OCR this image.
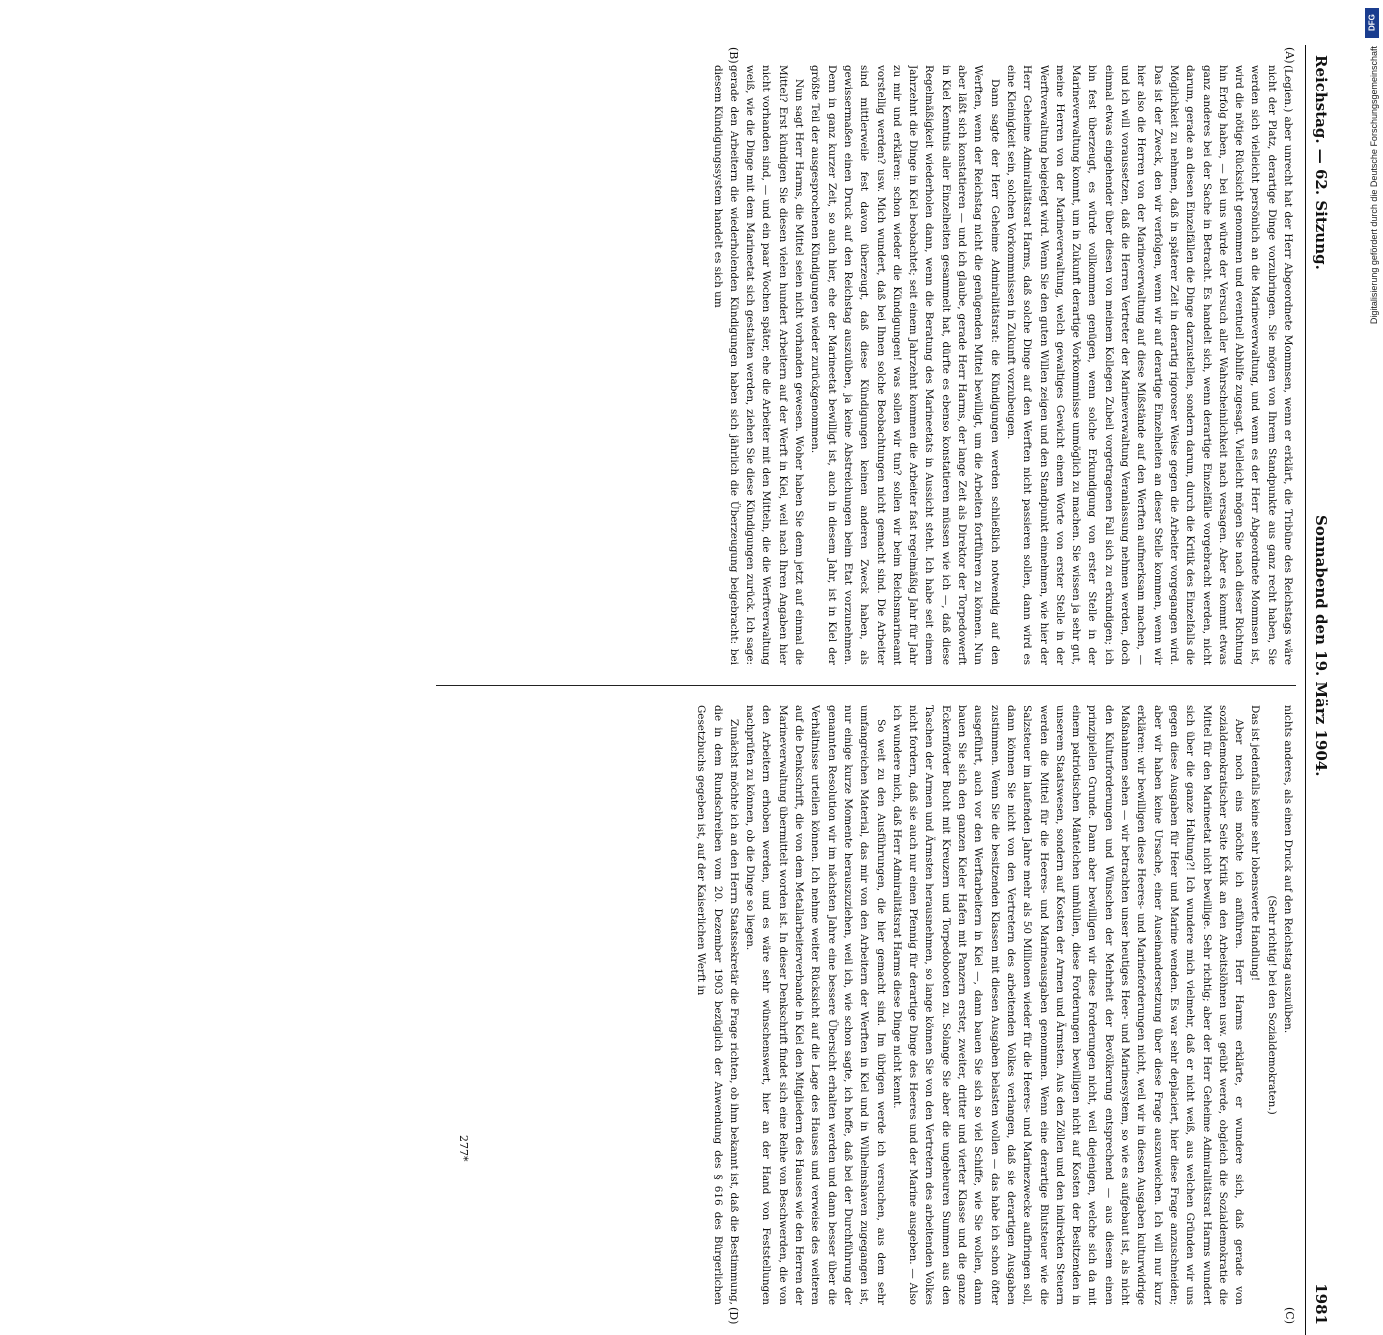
Reichstag. — 62. Sitzung.
Sonnabend den 19. März 1904.
1981

(Legien.) aber unrecht hat der Herr Abgeordnete Mommsen, wenn er erklärt, die Tribüne des Reichstags wäre nicht der Platz, derartige Dinge vorzubringen. Sie mögen von Ihrem Standpunkte aus ganz recht haben, Sie werden sich vielleicht persönlich an die Marineverwaltung, und wenn es der Herr Abgeordnete Mommsen ist, wird die nötige Rücksicht genommen und eventuell Abhilfe zugesagt. Vielleicht mögen Sie nach dieser Richtung hin Erfolg haben, — bei uns würde der Versuch aller Wahrscheinlichkeit nach versagen. Aber es kommt etwas ganz anderes bei der Sache in Betracht. Es handelt sich, wenn derartige Einzelfälle vorgebracht werden, nicht darum, gerade an diesen Einzelfällen die Dinge darzustellen, sondern darum, durch die Kritik des Einzelfalls die Möglichkeit zu nehmen, daß in späterer Zeit in derartig rigoroser Weise gegen die Arbeiter vorgegangen wird. Das ist der Zweck, den wir verfolgen, wenn wir auf derartige Einzelheiten an dieser Stelle kommen, wenn wir hier also die Herren von der Marineverwaltung auf diese Mißstände auf den Werften aufmerksam machen, — und ich will voraussetzen, daß die Herren Vertreter der Marineverwaltung Veranlassung nehmen werden, doch einmal etwas eingehender über diesen von meinem Kollegen Zubeil vorgetragenen Fall sich zu erkundigen; ich bin fest überzeugt, es würde vollkommen genügen, wenn solche Erkundigung von erster Stelle in der Marineverwaltung kommt, um in Zukunft derartige Vorkommnisse unmöglich zu machen. Sie wissen ja sehr gut, meine Herren von der Marineverwaltung, welch gewaltiges Gewicht einem Worte von erster Stelle in der Werftverwaltung beigelegt wird. Wenn Sie den guten Willen zeigen und den Standpunkt einnehmen, wie hier der Herr Geheime Admiralitätsrat Harms, daß solche Dinge auf den Werften nicht passieren sollen, dann wird es eine Kleinigkeit sein, solchen Vorkommnissen in Zukunft vorzubeugen.

Dann sagte der Herr Geheime Admiralitätsrat: die Kündigungen werden schließlich notwendig auf den Werften, wenn der Reichstag nicht die genügenden Mittel bewilligt, um die Arbeiten fortführen zu können. Nun aber läßt sich konstatieren — und ich glaube, gerade Herr Harms, der lange Zeit als Direktor der Torpedowerft in Kiel Kenntnis aller Einzelheiten gesammelt hat, dürfte es ebenso konstatieren müssen wie ich —, daß diese Regelmäßigkeit wiederholen dann, wenn die Beratung des Marineetats in Aussicht steht. Ich habe seit einem Jahrzehnt die Dinge in Kiel beobachtet; seit einem Jahrzehnt kommen die Arbeiter fast regelmäßig Jahr für Jahr zu mir und erklären: schon wieder die Kündigungen! was sollen wir tun? sollen wir beim Reichsmarineamt vorstellig werden? usw. Mich wundert, daß bei Ihnen solche Beobachtungen nicht gemacht sind. Die Arbeiter sind mittlerweile fest davon überzeugt, daß diese Kündigungen keinen anderen Zweck haben, als gewissermaßen einen Druck auf den Reichstag auszuüben, ja keine Abstreichungen beim Etat vorzunehmen. Denn in ganz kurzer Zeit, so auch hier, ehe der Marineetat bewilligt ist, auch in diesem Jahr, ist in Kiel der größte Teil der ausgesprochenen Kündigungen wieder zurückgenommen.

Nun sagt Herr Harms, die Mittel seien nicht vorhanden gewesen. Woher haben Sie denn jetzt auf einmal die Mittel? Erst kündigen Sie diesen vielen hundert Arbeitern auf der Werft in Kiel, weil nach Ihren Angaben hier nicht vorhanden sind, — und ein paar Wochen später, ehe die Arbeiter mit den Mitteln, die die Werftverwaltung weiß, wie die Dinge mit dem Marineetat sich gestalten werden, ziehen Sie diese Kündigungen zurück. Ich sage: gerade den Arbeitern die wiederholenden Kündigungen haben sich jährlich die Überzeugung beigebracht: bei diesem Kündigungssystem handelt es sich um

nichts anderes, als einen Druck auf den Reichstag auszuüben.

(Sehr richtig! bei den Sozialdemokraten.)

Das ist jedenfalls keine sehr lobenswerte Handlung!

Aber noch eins möchte ich anführen. Herr Harms erklärte, er wundere sich, daß gerade von sozialdemokratischer Seite Kritik an den Arbeitslöhnen usw. geübt werde, obgleich die Sozialdemokratie die Mittel für den Marineetat nicht bewillige. Sehr richtig; aber der Herr Geheime Admiralitätsrat Harms wundert sich über die ganze Haltung?! Ich wundere mich vielmehr, daß er nicht weiß, aus welchen Gründen wir uns gegen diese Ausgaben für Heer und Marine wenden. Es war sehr deplaciert, hier diese Frage anzuschneiden; aber wir haben keine Ursache, einer Auseinandersetzung über diese Frage auszuweichen. Ich will nur kurz erklären: wir bewilligen diese Heeres- und Marineforderungen nicht, weil wir in diesen Ausgaben kulturwidrige Maßnahmen sehen — wir betrachten unser heutiges Heer- und Marinesystem, so wie es aufgebaut ist, als nicht den Kulturforderungen und Wünschen der Mehrheit der Bevölkerung entsprechend — aus diesem einen prinzipiellen Grunde. Dann aber bewilligen wir diese Forderungen nicht, weil diejenigen, welche sich da mit einem patriotischen Mäntelchen umhüllen, diese Forderungen bewilligen nicht auf Kosten der Besitzenden in unserem Staatswesen, sondern auf Kosten der Armen und Ärmsten. Aus den Zöllen und den indirekten Steuern werden die Mittel für die Heeres- und Marineausgaben genommen. Wenn eine derartige Blutsteuer wie die Salzsteuer im laufenden Jahre mehr als 50 Millionen wieder für die Heeres- und Marinezwecke aufbringen soll, dann können Sie nicht von den Vertretern des arbeitenden Volkes verlangen, daß sie derartigen Ausgaben zustimmen. Wenn Sie die besitzenden Klassen mit diesen Ausgaben belasten wollen — das habe ich schon öfter ausgeführt, auch vor den Werftarbeitern in Kiel —, dann bauen Sie sich so viel Schiffe, wie Sie wollen, dann bauen Sie sich den ganzen Kieler Hafen mit Panzern erster, zweiter, dritter und vierter Klasse und die ganze Eckernförder Bucht mit Kreuzern und Torpedobooten zu. Solange Sie aber die ungeheuren Summen aus den Taschen der Armen und Ärmsten herausnehmen, so lange können Sie von den Vertretern des arbeitenden Volkes nicht fordern, daß sie auch nur einen Pfennig für derartige Dinge des Heeres und der Marine ausgeben. — Also ich wundere mich, daß Herr Admiralitätsrat Harms diese Dinge nicht kennt.

So weit zu den Ausführungen, die hier gemacht sind. Im übrigen werde ich versuchen, aus dem sehr umfangreichen Material, das mir von den Arbeitern der Werften in Kiel und in Wilhelmshaven zugegangen ist, nur einige kurze Momente herauszuziehen, weil ich, wie schon sagte, ich hoffe, daß bei der Durchführung der genannten Resolution wir im nächsten Jahre eine bessere Übersicht erhalten werden und dann besser über die Verhältnisse urteilen können. Ich nehme weiter Rücksicht auf die Lage des Hauses und verweise des weiteren auf die Denkschrift, die von dem Metallarbeiterverbande in Kiel den Mitgliedern des Hauses wie den Herren der Marineverwaltung übermittelt worden ist. In dieser Denkschrift findet sich eine Reihe von Beschwerden, die von den Arbeitern erhoben werden, und es wäre sehr wünschenswert, hier an der Hand von Feststellungen nachprüfen zu können, ob die Dinge so liegen.

Zunächst möchte ich an den Herrn Staatssekretär die Frage richten, ob ihm bekannt ist, daß die Bestimmung, die in dem Rundschreiben vom 20. Dezember 1903 bezüglich der Anwendung des § 616 des Bürgerlichen Gesetzbuchs gegeben ist, auf der Kaiserlichen Werft in

(A)
(B)
(C)
(D)
277*
DFG
Digitalisierung gefördert durch die Deutsche Forschungsgemeinschaft
